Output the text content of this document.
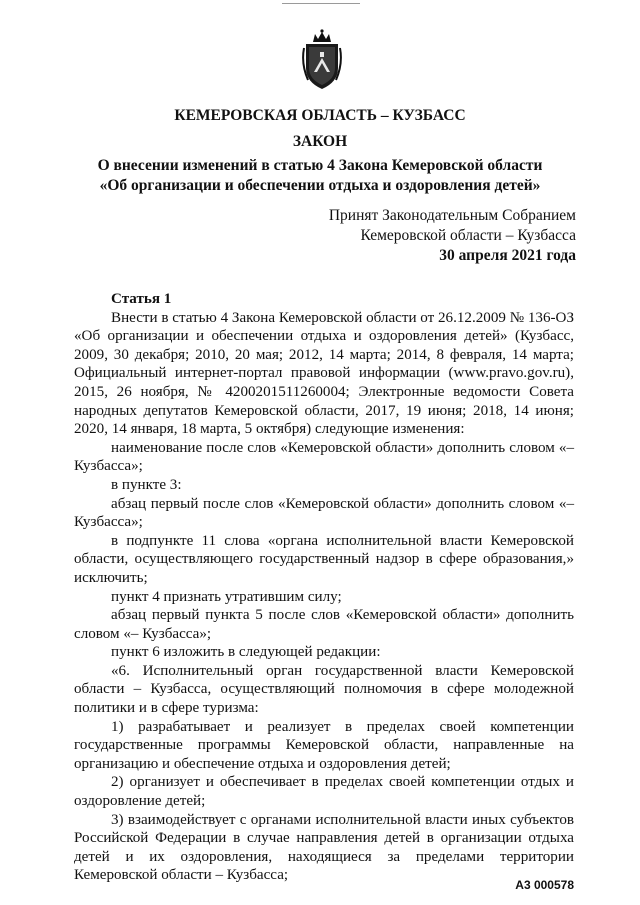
КЕМЕРОВСКАЯ ОБЛАСТЬ – КУЗБАСС
ЗАКОН
О внесении изменений в статью 4 Закона Кемеровской области
«Об организации и обеспечении отдыха и оздоровления детей»
Принят Законодательным Собранием
Кемеровской области – Кузбасса
30 апреля 2021 года

Статья 1

Внести в статью 4 Закона Кемеровской области от 26.12.2009 № 136-ОЗ «Об организации и обеспечении отдыха и оздоровления детей» (Кузбасс, 2009, 30 декабря; 2010, 20 мая; 2012, 14 марта; 2014, 8 февраля, 14 марта; Официальный интернет-портал правовой информации (www.pravo.gov.ru), 2015, 26 ноября, № 4200201511260004; Электронные ведомости Совета народных депутатов Кемеровской области, 2017, 19 июня; 2018, 14 июня; 2020, 14 января, 18 марта, 5 октября) следующие изменения:

наименование после слов «Кемеровской области» дополнить словом «– Кузбасса»;

в пункте 3:

абзац первый после слов «Кемеровской области» дополнить словом «– Кузбасса»;

в подпункте 11 слова «органа исполнительной власти Кемеровской области, осуществляющего государственный надзор в сфере образования,» исключить;

пункт 4 признать утратившим силу;

абзац первый пункта 5 после слов «Кемеровской области» дополнить словом «– Кузбасса»;

пункт 6 изложить в следующей редакции:

«6. Исполнительный орган государственной власти Кемеровской области – Кузбасса, осуществляющий полномочия в сфере молодежной политики и в сфере туризма:

1) разрабатывает и реализует в пределах своей компетенции государственные программы Кемеровской области, направленные на организацию и обеспечение отдыха и оздоровления детей;

2) организует и обеспечивает в пределах своей компетенции отдых и оздоровление детей;

3) взаимодействует с органами исполнительной власти иных субъектов Российской Федерации в случае направления детей в организации отдыха детей и их оздоровления, находящиеся за пределами территории Кемеровской области – Кузбасса;

А3 000578
